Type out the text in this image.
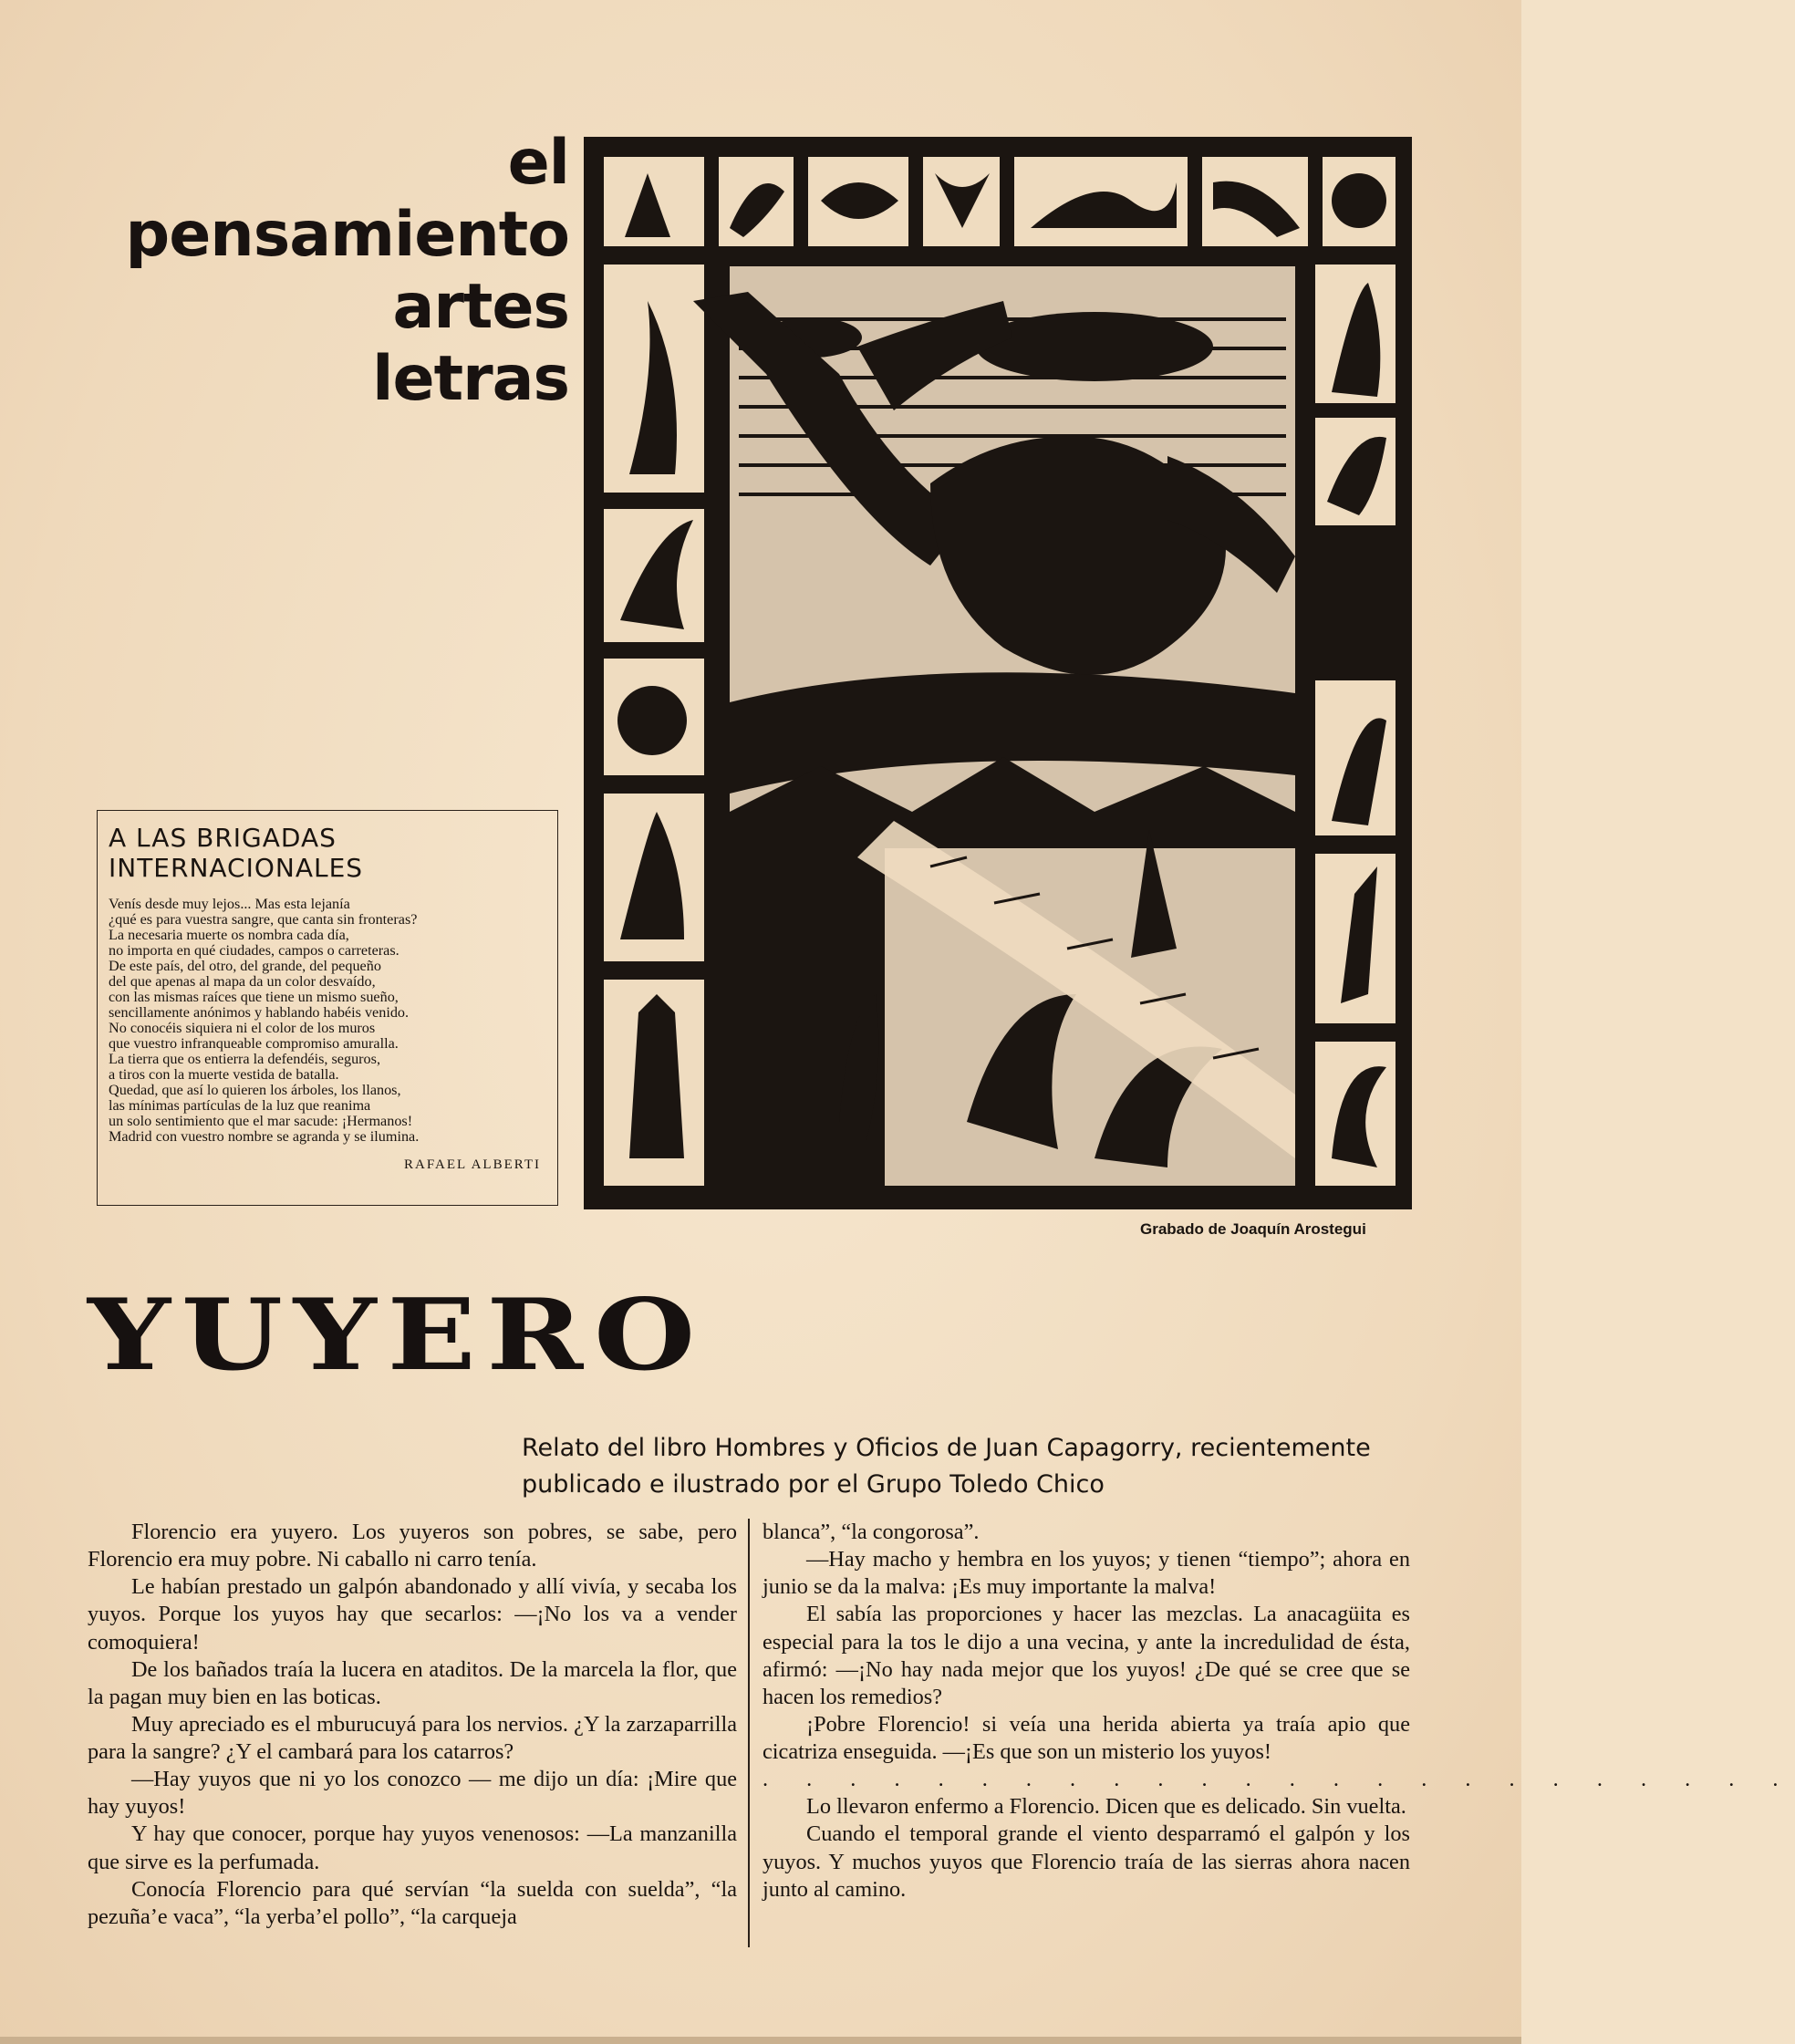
el
pensamiento
artes
letras
Grabado de Joaquín Arostegui
A LAS BRIGADAS
INTERNACIONALES
Venís desde muy lejos... Mas esta lejanía
¿qué es para vuestra sangre, que canta sin fronteras?
La necesaria muerte os nombra cada día,
no importa en qué ciudades, campos o carreteras.
De este país, del otro, del grande, del pequeño
del que apenas al mapa da un color desvaído,
con las mismas raíces que tiene un mismo sueño,
sencillamente anónimos y hablando habéis venido.
No conocéis siquiera ni el color de los muros
que vuestro infranqueable compromiso amuralla.
La tierra que os entierra la defendéis, seguros,
a tiros con la muerte vestida de batalla.
Quedad, que así lo quieren los árboles, los llanos,
las mínimas partículas de la luz que reanima
un solo sentimiento que el mar sacude: ¡Hermanos!
Madrid con vuestro nombre se agranda y se ilumina.
RAFAEL ALBERTI
YUYERO
Relato del libro Hombres y Oficios de Juan Capagorry, recientemente
publicado e ilustrado por el Grupo Toledo Chico

Florencio era yuyero. Los yuyeros son pobres, se sabe, pero Florencio era muy pobre. Ni caballo ni carro tenía.

Le habían prestado un galpón abandonado y allí vivía, y secaba los yuyos. Porque los yuyos hay que secarlos: —¡No los va a vender comoquiera!

De los bañados traía la lucera en ataditos. De la marcela la flor, que la pagan muy bien en las boticas.

Muy apreciado es el mburucuyá para los nervios. ¿Y la zarzaparrilla para la sangre? ¿Y el cambará para los catarros?

—Hay yuyos que ni yo los conozco — me dijo un día: ¡Mire que hay yuyos!

Y hay que conocer, porque hay yuyos venenosos: —La manzanilla que sirve es la perfumada.

Conocía Florencio para qué servían “la suelda con suelda”, “la pezuña’e vaca”, “la yerba’el pollo”, “la carqueja

blanca”, “la congorosa”.

—Hay macho y hembra en los yuyos; y tienen “tiempo”; ahora en junio se da la malva: ¡Es muy importante la malva!

El sabía las proporciones y hacer las mezclas. La anacagüita es especial para la tos le dijo a una vecina, y ante la incredulidad de ésta, afirmó: —¡No hay nada mejor que los yuyos! ¿De qué se cree que se hacen los remedios?

¡Pobre Florencio! si veía una herida abierta ya traía apio que cicatriza enseguida. —¡Es que son un misterio los yuyos!

. . . . . . . . . . . . . . . . . . . . . . . .

Lo llevaron enfermo a Florencio. Dicen que es delicado. Sin vuelta.

Cuando el temporal grande el viento desparramó el galpón y los yuyos. Y muchos yuyos que Florencio traía de las sierras ahora nacen junto al camino.
